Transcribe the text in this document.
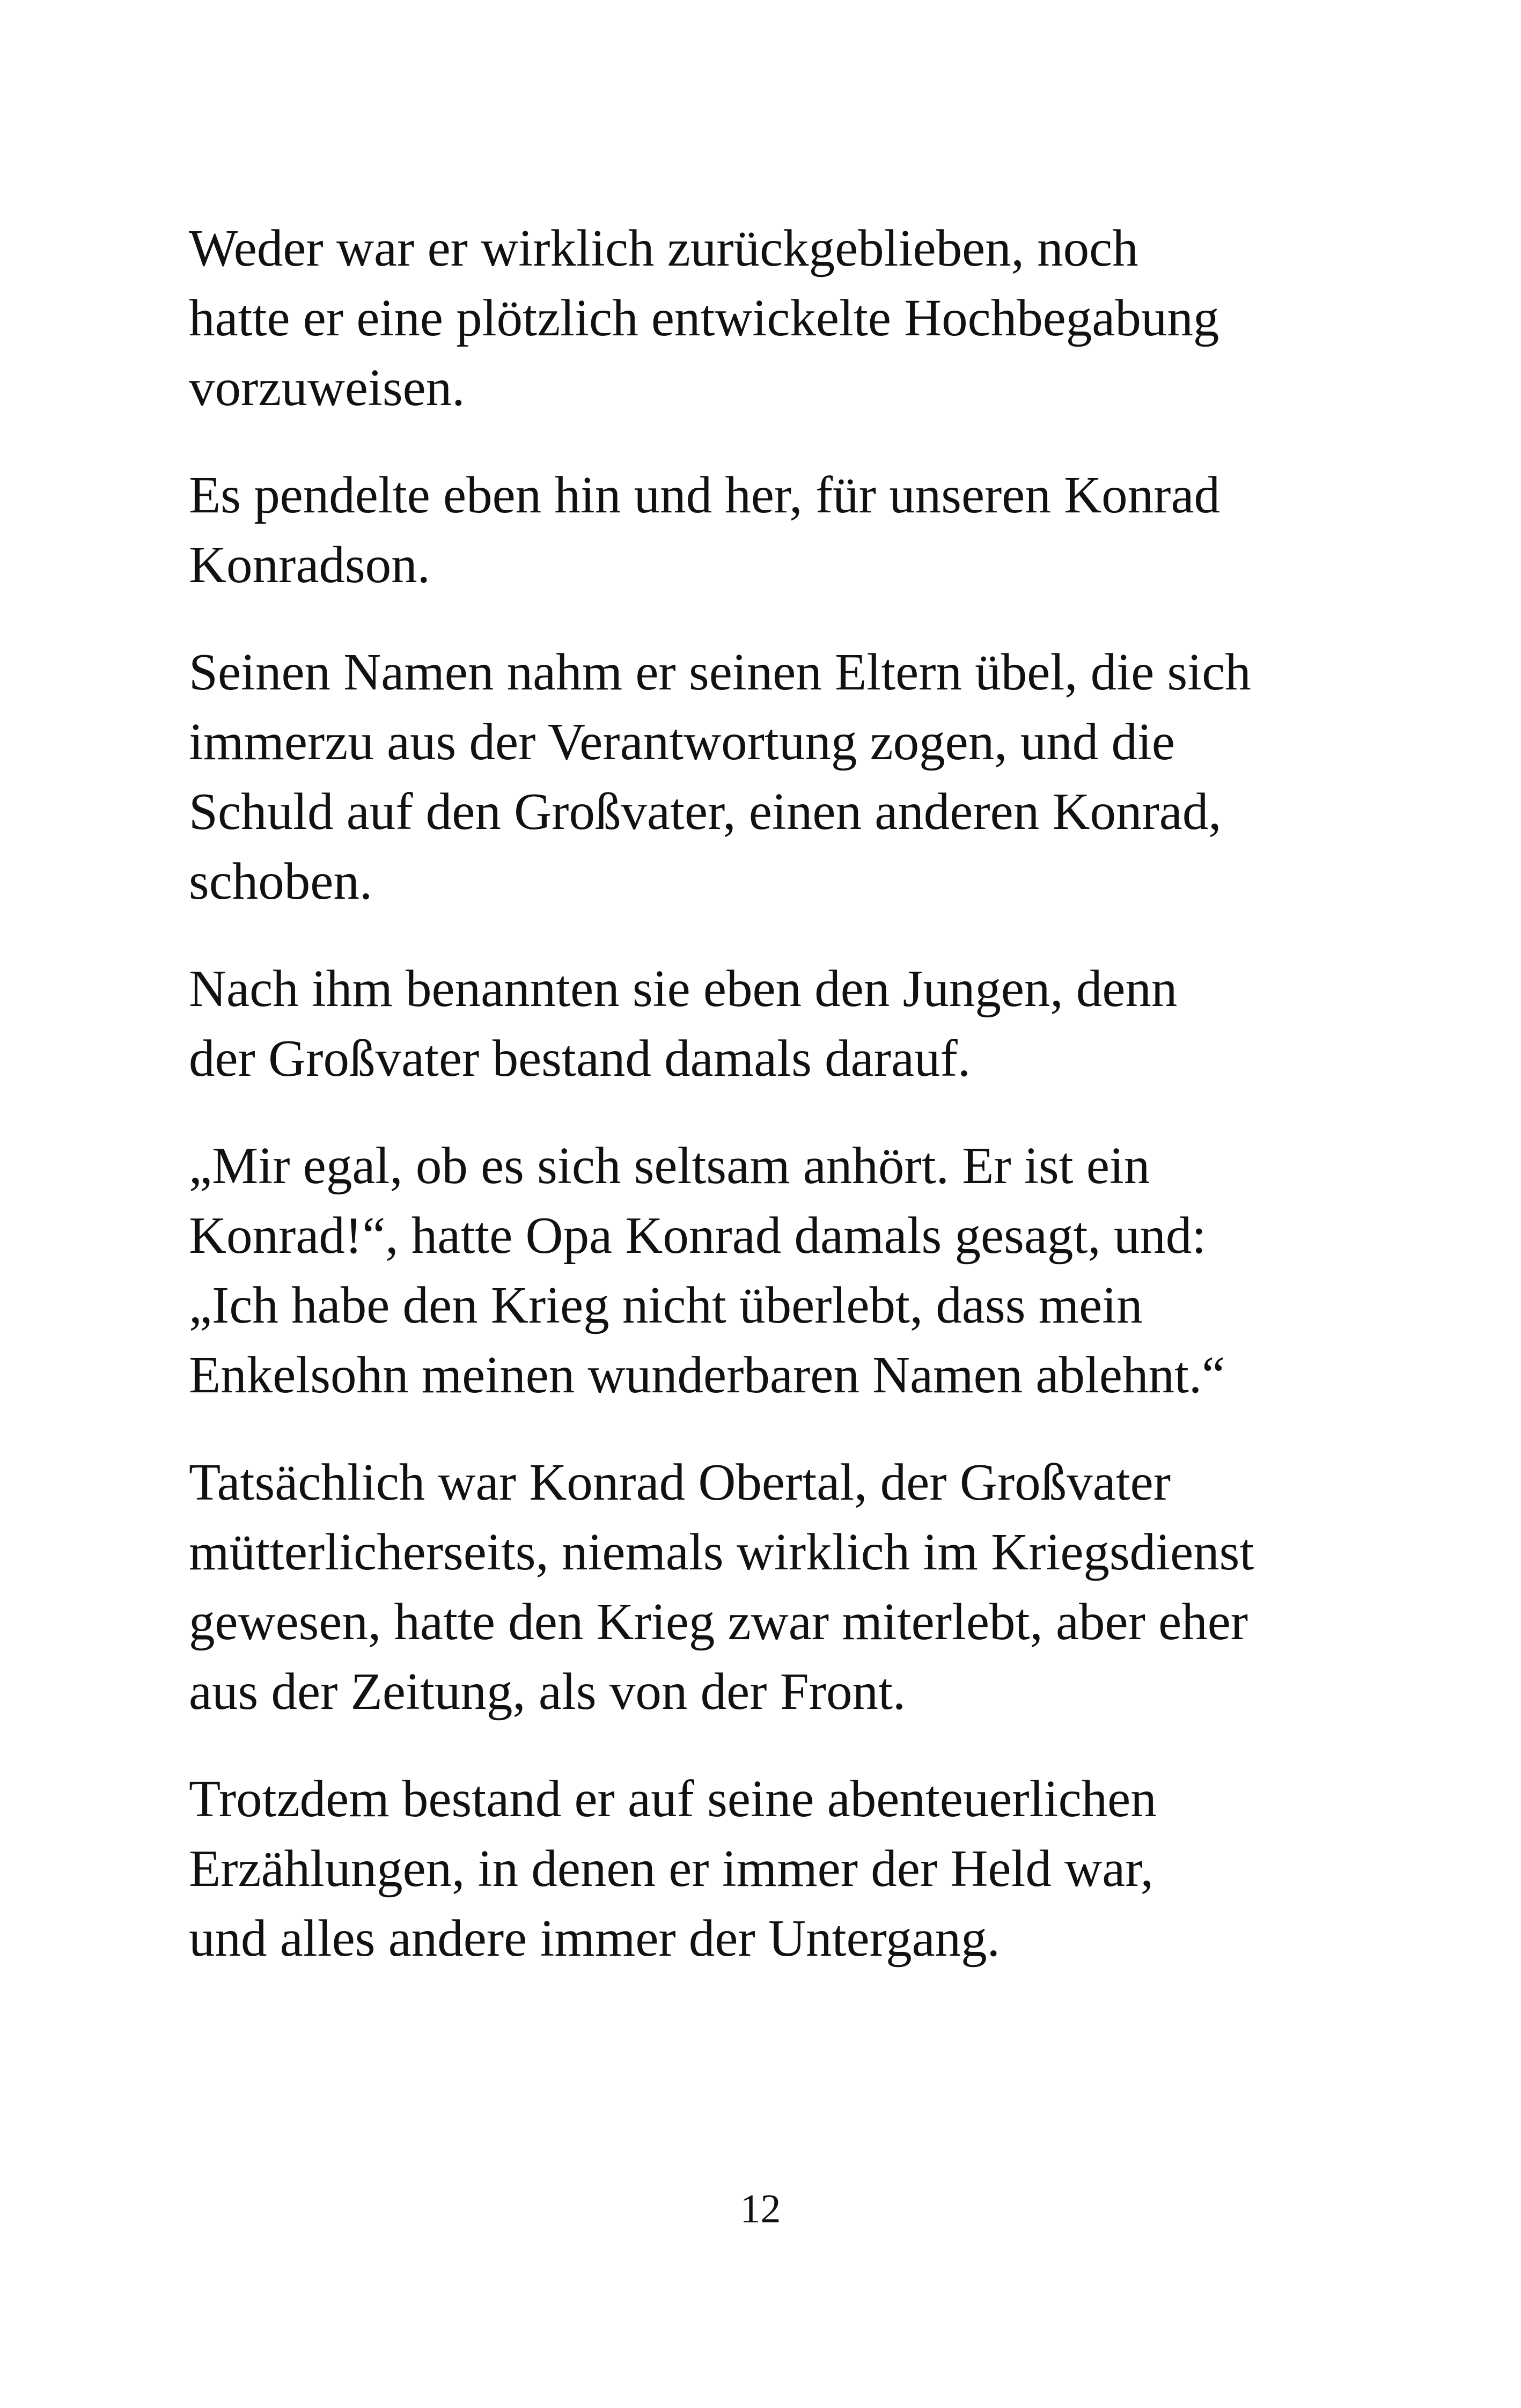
Weder war er wirklich zurückgeblieben, noch
hatte er eine plötzlich entwickelte Hochbegabung
vorzuweisen.

Es pendelte eben hin und her, für unseren Konrad
Konradson.

Seinen Namen nahm er seinen Eltern übel, die sich
immerzu aus der Verantwortung zogen, und die
Schuld auf den Großvater, einen anderen Konrad,
schoben.

Nach ihm benannten sie eben den Jungen, denn
der Großvater bestand damals darauf.

„Mir egal, ob es sich seltsam anhört. Er ist ein
Konrad!“, hatte Opa Konrad damals gesagt, und:
„Ich habe den Krieg nicht überlebt, dass mein
Enkelsohn meinen wunderbaren Namen ablehnt.“

Tatsächlich war Konrad Obertal, der Großvater
mütterlicherseits, niemals wirklich im Kriegsdienst
gewesen, hatte den Krieg zwar miterlebt, aber eher
aus der Zeitung, als von der Front.

Trotzdem bestand er auf seine abenteuerlichen
Erzählungen, in denen er immer der Held war,
und alles andere immer der Untergang.

12
